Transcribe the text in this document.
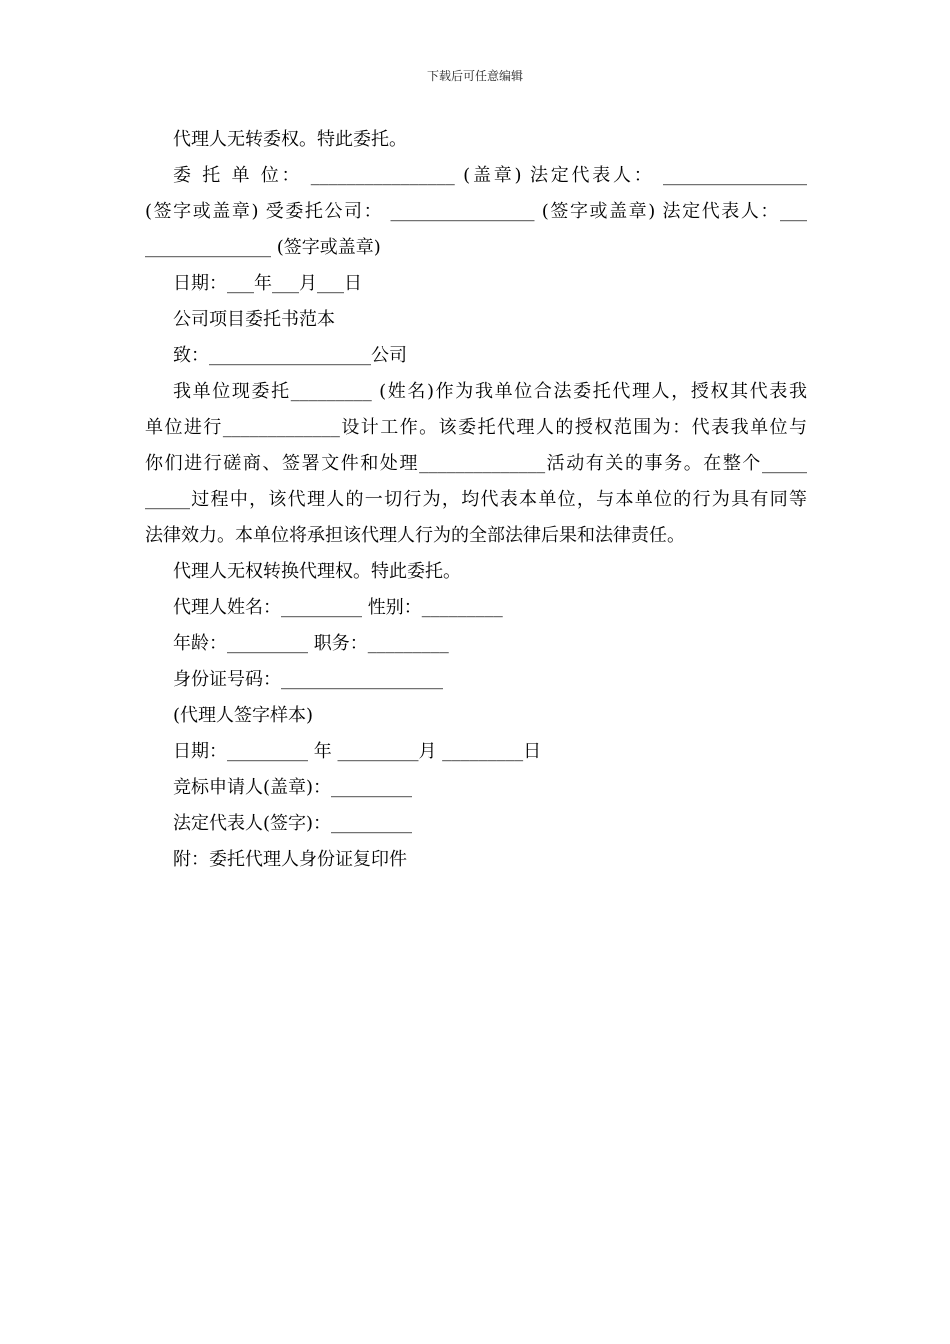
下载后可任意编辑

代理人无转委权。特此委托。

委 托 单 位： ________________ (盖章) 法定代表人： ________________

(签字或盖章) 受委托公司： ________________ (签字或盖章) 法定代表人：___

______________ (签字或盖章)

日期：___年___月___日

公司项目委托书范本

致：__________________公司

我单位现委托_________ (姓名)作为我单位合法委托代理人，授权其代表我

单位进行_____________设计工作。该委托代理人的授权范围为：代表我单位与

你们进行磋商、签署文件和处理______________活动有关的事务。在整个_____

_____过程中，该代理人的一切行为，均代表本单位，与本单位的行为具有同等

法律效力。本单位将承担该代理人行为的全部法律后果和法律责任。

代理人无权转换代理权。特此委托。

代理人姓名：_________ 性别：_________

年龄：_________ 职务：_________

身份证号码：__________________

(代理人签字样本)

日期：_________ 年 _________月 _________日

竞标申请人(盖章)：_________

法定代表人(签字)：_________

附：委托代理人身份证复印件
